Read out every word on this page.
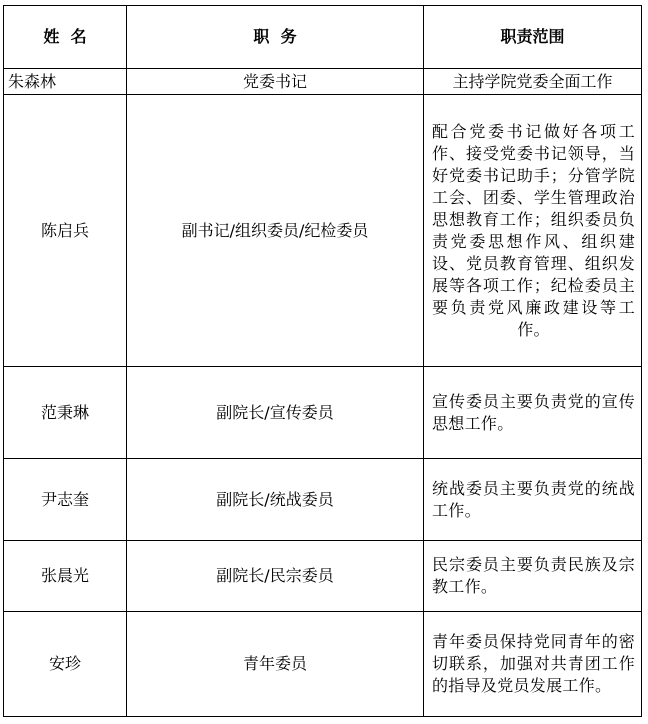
姓  名	职  务	职责范围
朱森林	党委书记	主持学院党委全面工作
陈启兵	副书记/组织委员/纪检委员	配合党委书记做好各项工作、接受党委书记领导，当好党委书记助手；分管学院工会、团委、学生管理政治思想教育工作；组织委员负责党委思想作风、组织建设、党员教育管理、组织发展等各项工作；纪检委员主要负责党风廉政建设等工作。
范秉琳	副院长/宣传委员	宣传委员主要负责党的宣传思想工作。
尹志奎	副院长/统战委员	统战委员主要负责党的统战工作。
张晨光	副院长/民宗委员	民宗委员主要负责民族及宗教工作。
安珍	青年委员	青年委员保持党同青年的密切联系，加强对共青团工作的指导及党员发展工作。
